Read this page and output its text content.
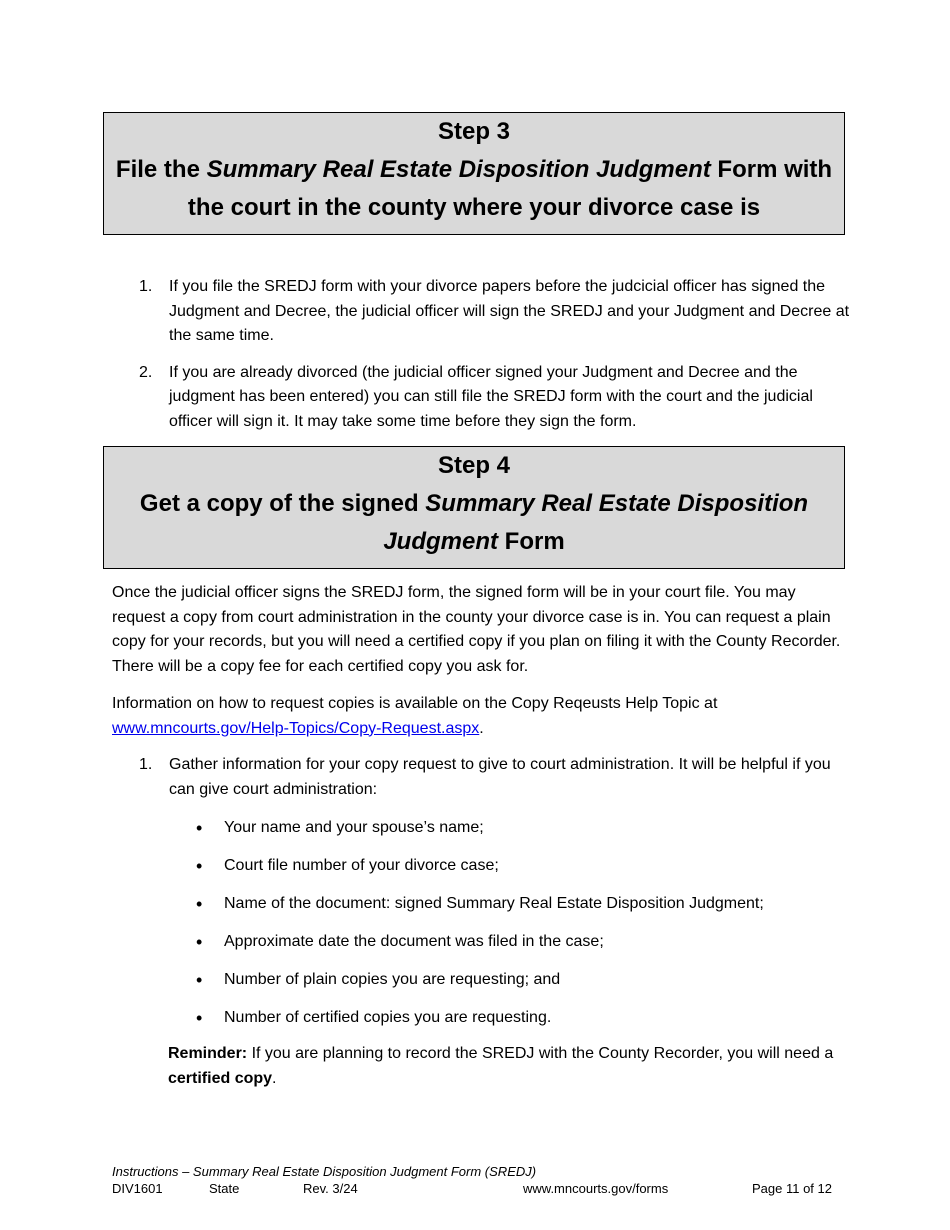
Step 3
File the Summary Real Estate Disposition Judgment Form with the court in the county where your divorce case is
1. If you file the SREDJ form with your divorce papers before the judcicial officer has signed the Judgment and Decree, the judicial officer will sign the SREDJ and your Judgment and Decree at the same time.
2. If you are already divorced (the judicial officer signed your Judgment and Decree and the judgment has been entered) you can still file the SREDJ form with the court and the judicial officer will sign it. It may take some time before they sign the form.
Step 4
Get a copy of the signed Summary Real Estate Disposition Judgment Form
Once the judicial officer signs the SREDJ form, the signed form will be in your court file. You may request a copy from court administration in the county your divorce case is in. You can request a plain copy for your records, but you will need a certified copy if you plan on filing it with the County Recorder. There will be a copy fee for each certified copy you ask for.
Information on how to request copies is available on the Copy Reqeusts Help Topic at
www.mncourts.gov/Help-Topics/Copy-Request.aspx.
1. Gather information for your copy request to give to court administration. It will be helpful if you can give court administration:
• Your name and your spouse’s name;
• Court file number of your divorce case;
• Name of the document: signed Summary Real Estate Disposition Judgment;
• Approximate date the document was filed in the case;
• Number of plain copies you are requesting; and
• Number of certified copies you are requesting.
Reminder: If you are planning to record the SREDJ with the County Recorder, you will need a certified copy.
Instructions – Summary Real Estate Disposition Judgment Form (SREDJ)
DIV1601	State	Rev. 3/24	www.mncourts.gov/forms	Page 11 of 12
